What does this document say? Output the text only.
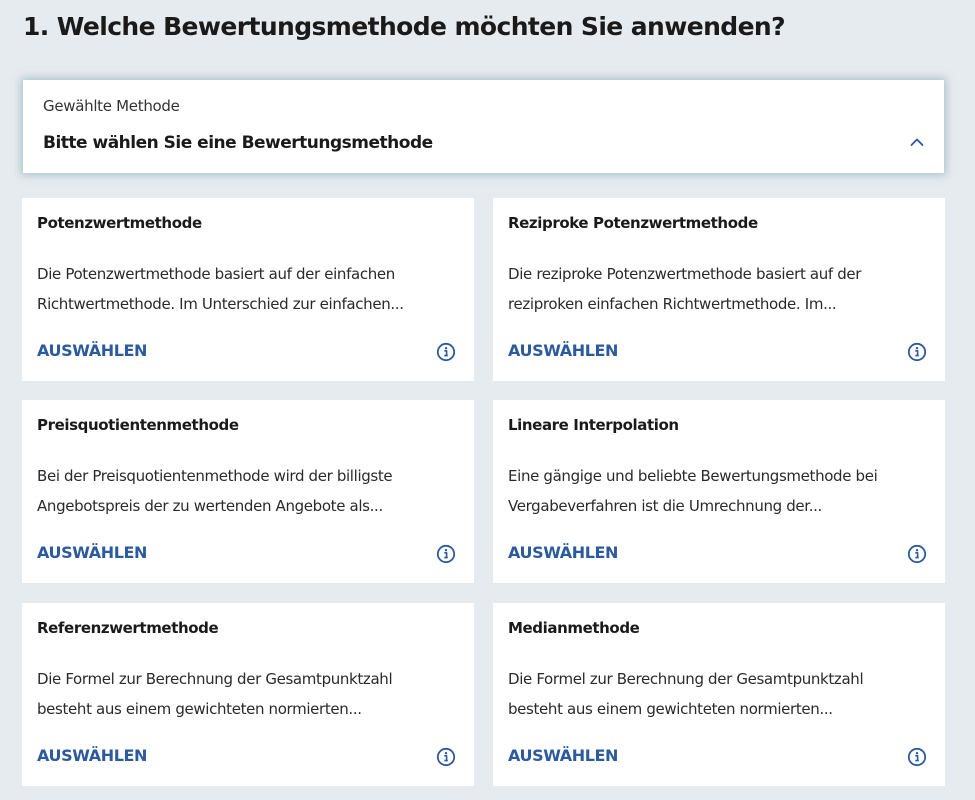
1. Welche Bewertungsmethode möchten Sie anwenden?
Gewählte Methode
Bitte wählen Sie eine Bewertungsmethode
Potenzwertmethode
Die Potenzwertmethode basiert auf der einfachen
Richtwertmethode. Im Unterschied zur einfachen...
AUSWÄHLEN
Reziproke Potenzwertmethode
Die reziproke Potenzwertmethode basiert auf der
reziproken einfachen Richtwertmethode. Im...
AUSWÄHLEN
Preisquotientenmethode
Bei der Preisquotientenmethode wird der billigste
Angebotspreis der zu wertenden Angebote als...
AUSWÄHLEN
Lineare Interpolation
Eine gängige und beliebte Bewertungsmethode bei
Vergabeverfahren ist die Umrechnung der...
AUSWÄHLEN
Referenzwertmethode
Die Formel zur Berechnung der Gesamtpunktzahl
besteht aus einem gewichteten normierten...
AUSWÄHLEN
Medianmethode
Die Formel zur Berechnung der Gesamtpunktzahl
besteht aus einem gewichteten normierten...
AUSWÄHLEN
